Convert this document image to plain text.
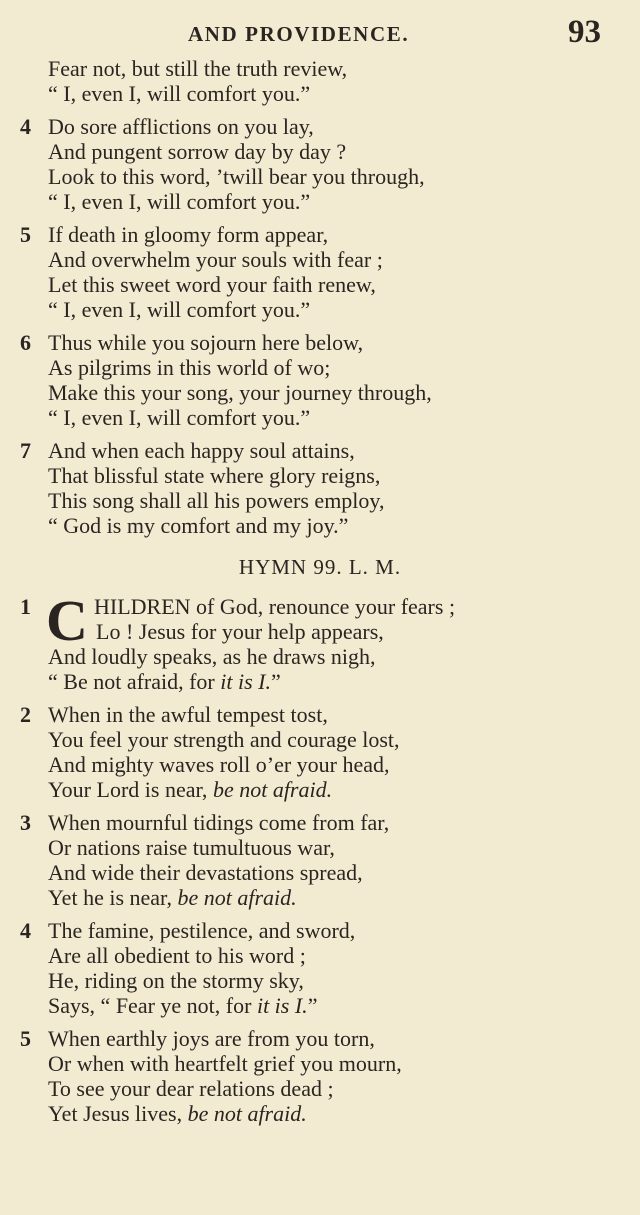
AND PROVIDENCE.	93
Fear not, but still the truth review,
“ I, even I, will comfort you.”
4 Do sore afflictions on you lay,
And pungent sorrow day by day ?
Look to this word, ’twill bear you through,
“ I, even I, will comfort you.”
5 If death in gloomy form appear,
And overwhelm your souls with fear ;
Let this sweet word your faith renew,
“ I, even I, will comfort you.”
6 Thus while you sojourn here below,
As pilgrims in this world of wo;
Make this your song, your journey through,
“ I, even I, will comfort you.”
7 And when each happy soul attains,
That blissful state where glory reigns,
This song shall all his powers employ,
“ God is my comfort and my joy.”
HYMN 99. L. M.
1 C HILDREN of God, renounce your fears ;
Lo ! Jesus for your help appears,
And loudly speaks, as he draws nigh,
“ Be not afraid, for it is I.”
2 When in the awful tempest tost,
You feel your strength and courage lost,
And mighty waves roll o’er your head,
Your Lord is near, be not afraid.
3 When mournful tidings come from far,
Or nations raise tumultuous war,
And wide their devastations spread,
Yet he is near, be not afraid.
4 The famine, pestilence, and sword,
Are all obedient to his word ;
He, riding on the stormy sky,
Says, “ Fear ye not, for it is I.”
5 When earthly joys are from you torn,
Or when with heartfelt grief you mourn,
To see your dear relations dead ;
Yet Jesus lives, be not afraid.
